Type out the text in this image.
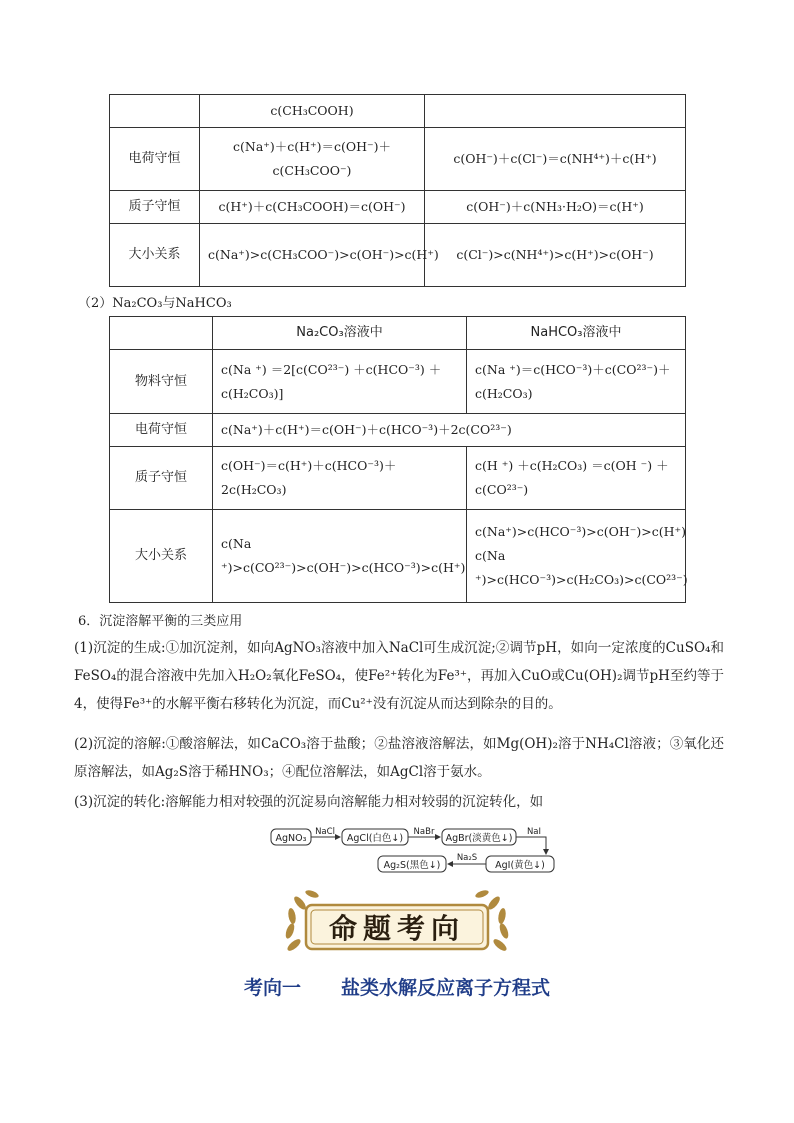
	c(CH₃COOH)	
电荷守恒	c(Na⁺)＋c(H⁺)＝c(OH⁻)＋c(CH₃COO⁻)	c(OH⁻)＋c(Cl⁻)＝c(NH⁴⁺)＋c(H⁺)
质子守恒	c(H⁺)＋c(CH₃COOH)＝c(OH⁻)	c(OH⁻)＋c(NH₃·H₂O)＝c(H⁺)
大小关系	c(Na⁺)>c(CH₃COO⁻)>c(OH⁻)>c(H⁺)	c(Cl⁻)>c(NH⁴⁺)>c(H⁺)>c(OH⁻)
（2）Na₂CO₃与NaHCO₃
	Na₂CO₃溶液中	NaHCO₃溶液中
物料守恒	c(Na ⁺) ＝2[c(CO²³⁻) ＋c(HCO⁻³) ＋c(H₂CO₃)]	c(Na ⁺)＝c(HCO⁻³)＋c(CO²³⁻)＋c(H₂CO₃)
电荷守恒	c(Na⁺)＋c(H⁺)＝c(OH⁻)＋c(HCO⁻³)＋2c(CO²³⁻)	
质子守恒	c(OH⁻)＝c(H⁺)＋c(HCO⁻³)＋2c(H₂CO₃)	c(H ⁺) ＋c(H₂CO₃) ＝c(OH ⁻) ＋c(CO²³⁻)
大小关系	c(Na ⁺)>c(CO²³⁻)>c(OH⁻)>c(HCO⁻³)>c(H⁺)	c(Na⁺)>c(HCO⁻³)>c(OH⁻)>c(H⁺) c(Na ⁺)>c(HCO⁻³)>c(H₂CO₃)>c(CO²³⁻)
6．沉淀溶解平衡的三类应用
(1)沉淀的生成:①加沉淀剂，如向AgNO₃溶液中加入NaCl可生成沉淀;②调节pH，如向一定浓度的CuSO₄和FeSO₄的混合溶液中先加入H₂O₂氧化FeSO₄，使Fe²⁺转化为Fe³⁺，再加入CuO或Cu(OH)₂调节pH至约等于4，使得Fe³⁺的水解平衡右移转化为沉淀，而Cu²⁺没有沉淀从而达到除杂的目的。
(2)沉淀的溶解:①酸溶解法，如CaCO₃溶于盐酸；②盐溶液溶解法，如Mg(OH)₂溶于NH₄Cl溶液；③氧化还原溶解法，如Ag₂S溶于稀HNO₃；④配位溶解法，如AgCl溶于氨水。
(3)沉淀的转化:溶解能力相对较强的沉淀易向溶解能力相对较弱的沉淀转化，如
AgNO₃
NaCl
AgCl(白色↓)
NaBr
AgBr(淡黄色↓)
NaI
AgI(黄色↓)
Na₂S
Ag₂S(黑色↓)
命题考向
考向一 盐类水解反应离子方程式
